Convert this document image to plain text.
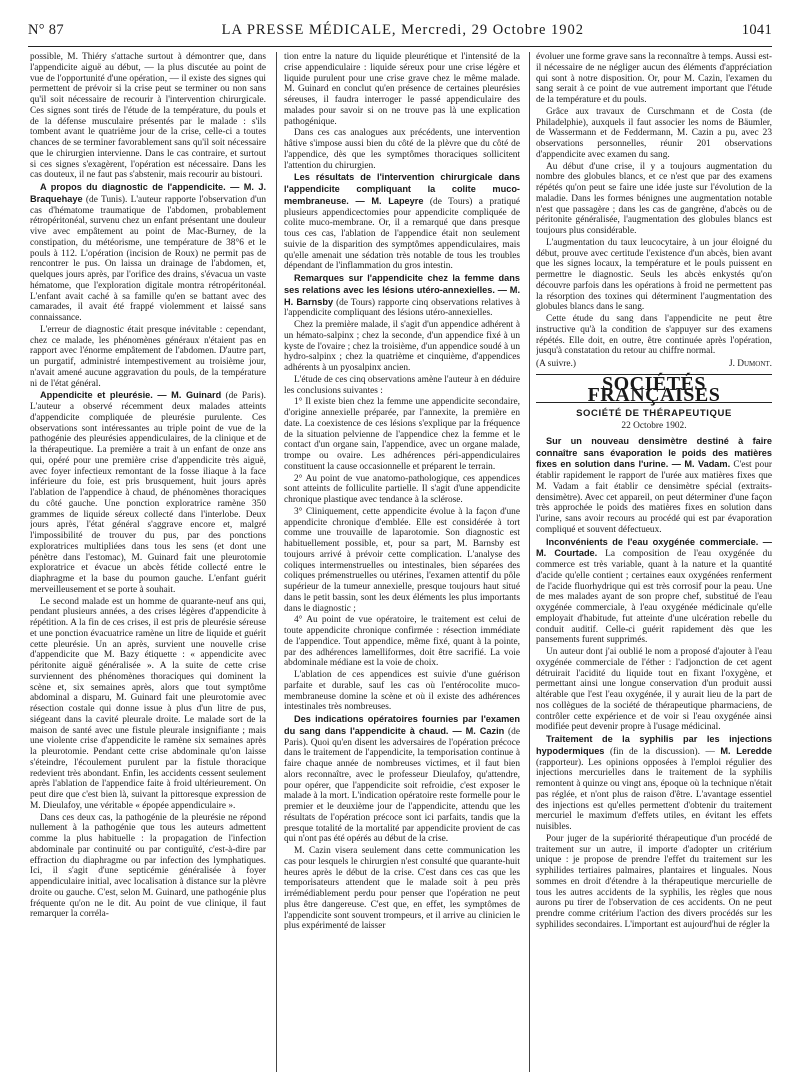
N° 87	LA PRESSE MÉDICALE, Mercredi, 29 Octobre 1902	1041

possible, M. Thiéry s'attache surtout à démontrer que, dans l'appendicite aiguë au début, — la plus discutée au point de vue de l'opportunité d'une opération, — il existe des signes qui permettent de prévoir si la crise peut se terminer ou non sans qu'il soit nécessaire de recourir à l'intervention chirurgicale. Ces signes sont tirés de l'étude de la température, du pouls et de la défense musculaire présentés par le malade : s'ils tombent avant le quatrième jour de la crise, celle-ci a toutes chances de se terminer favorablement sans qu'il soit nécessaire que le chirurgien intervienne. Dans le cas contraire, et surtout si ces signes s'exagèrent, l'opération est nécessaire. Dans les cas douteux, il ne faut pas s'abstenir, mais recourir au bistouri.

A propos du diagnostic de l'appendicite. — M. J. Braquehaye (de Tunis). L'auteur rapporte l'observation d'un cas d'hématome traumatique de l'abdomen, probablement rétropéritonéal, survenu chez un enfant présentant une douleur vive avec empâtement au point de Mac-Burney, de la constipation, du météorisme, une température de 38°6 et le pouls à 112. L'opération (incision de Roux) ne permit pas de rencontrer le pus. On laissa un drainage de l'abdomen, et, quelques jours après, par l'orifice des drains, s'évacua un vaste hématome, que l'exploration digitale montra rétropéritonéal. L'enfant avait caché à sa famille qu'en se battant avec des camarades, il avait été frappé violemment et laissé sans connaissance.

L'erreur de diagnostic était presque inévitable : cependant, chez ce malade, les phénomènes généraux n'étaient pas en rapport avec l'énorme empâtement de l'abdomen. D'autre part, un purgatif, administré intempestivement au troisième jour, n'avait amené aucune aggravation du pouls, de la température ni de l'état général.

Appendicite et pleurésie. — M. Guinard (de Paris). L'auteur a observé récemment deux malades atteints d'appendicite compliquée de pleurésie purulente. Ces observations sont intéressantes au triple point de vue de la pathogénie des pleurésies appendiculaires, de la clinique et de la thérapeutique. La première a trait à un enfant de onze ans qui, opéré pour une première crise d'appendicite très aiguë, avec foyer infectieux remontant de la fosse iliaque à la face inférieure du foie, est pris brusquement, huit jours après l'ablation de l'appendice à chaud, de phénomènes thoraciques du côté gauche. Une ponction exploratrice ramène 350 grammes de liquide séreux collecté dans l'interlobe. Deux jours après, l'état général s'aggrave encore et, malgré l'impossibilité de trouver du pus, par des ponctions exploratrices multipliées dans tous les sens (et dont une pénètre dans l'estomac), M. Guinard fait une pleurotomie exploratrice et évacue un abcès fétide collecté entre le diaphragme et la base du poumon gauche. L'enfant guérit merveilleusement et se porte à souhait.

Le second malade est un homme de quarante-neuf ans qui, pendant plusieurs années, a des crises légères d'appendicite à répétition. A la fin de ces crises, il est pris de pleurésie séreuse et une ponction évacuatrice ramène un litre de liquide et guérit cette pleurésie. Un an après, survient une nouvelle crise d'appendicite que M. Bazy étiquette : « appendicite avec péritonite aiguë généralisée ». A la suite de cette crise surviennent des phénomènes thoraciques qui dominent la scène et, six semaines après, alors que tout symptôme abdominal a disparu, M. Guinard fait une pleurotomie avec résection costale qui donne issue à plus d'un litre de pus, siégeant dans la cavité pleurale droite. Le malade sort de la maison de santé avec une fistule pleurale insignifiante ; mais une violente crise d'appendicite le ramène six semaines après la pleurotomie. Pendant cette crise abdominale qu'on laisse s'éteindre, l'écoulement purulent par la fistule thoracique redevient très abondant. Enfin, les accidents cessent seulement après l'ablation de l'appendice faite à froid ultérieurement. On peut dire que c'est bien là, suivant la pittoresque expression de M. Dieulafoy, une véritable « épopée appendiculaire ».

Dans ces deux cas, la pathogénie de la pleurésie ne répond nullement à la pathogénie que tous les auteurs admettent comme la plus habituelle : la propagation de l'infection abdominale par continuité ou par contiguïté, c'est-à-dire par effraction du diaphragme ou par infection des lymphatiques. Ici, il s'agit d'une septicémie généralisée à foyer appendiculaire initial, avec localisation à distance sur la plèvre droite ou gauche. C'est, selon M. Guinard, une pathogénie plus fréquente qu'on ne le dit. Au point de vue clinique, il faut remarquer la corréla-

tion entre la nature du liquide pleurétique et l'intensité de la crise appendiculaire : liquide séreux pour une crise légère et liquide purulent pour une crise grave chez le même malade. M. Guinard en conclut qu'en présence de certaines pleurésies séreuses, il faudra interroger le passé appendiculaire des malades pour savoir si on ne trouve pas là une explication pathogénique.

Dans ces cas analogues aux précédents, une intervention hâtive s'impose aussi bien du côté de la plèvre que du côté de l'appendice, dès que les symptômes thoraciques sollicitent l'attention du chirurgien.

Les résultats de l'intervention chirurgicale dans l'appendicite compliquant la colite muco-membraneuse. — M. Lapeyre (de Tours) a pratiqué plusieurs appendicectomies pour appendicite compliquée de colite muco-membrane. Or, il a remarqué que dans presque tous ces cas, l'ablation de l'appendice était non seulement suivie de la disparition des symptômes appendiculaires, mais qu'elle amenait une sédation très notable de tous les troubles dépendant de l'inflammation du gros intestin.

Remarques sur l'appendicite chez la femme dans ses relations avec les lésions utéro-annexielles. — M. H. Barnsby (de Tours) rapporte cinq observations relatives à l'appendicite compliquant des lésions utéro-annexielles.

Chez la première malade, il s'agit d'un appendice adhérent à un hémato-salpinx ; chez la seconde, d'un appendice fixé à un kyste de l'ovaire ; chez la troisième, d'un appendice soudé à un hydro-salpinx ; chez la quatrième et cinquième, d'appendices adhérents à un pyosalpinx ancien.

L'étude de ces cinq observations amène l'auteur à en déduire les conclusions suivantes :

1° Il existe bien chez la femme une appendicite secondaire, d'origine annexielle préparée, par l'annexite, la première en date. La coexistence de ces lésions s'explique par la fréquence de la situation pelvienne de l'appendice chez la femme et le contact d'un organe sain, l'appendice, avec un organe malade, trompe ou ovaire. Les adhérences péri-appendiculaires constituent la cause occasionnelle et préparent le terrain.

2° Au point de vue anatomo-pathologique, ces appendices sont atteints de folliculite partielle. Il s'agit d'une appendicite chronique plastique avec tendance à la sclérose.

3° Cliniquement, cette appendicite évolue à la façon d'une appendicite chronique d'emblée. Elle est considérée à tort comme une trouvaille de laparotomie. Son diagnostic est habituellement possible, et, pour sa part, M. Barnsby est toujours arrivé à prévoir cette complication. L'analyse des coliques intermenstruelles ou intestinales, bien séparées des coliques prémenstruelles ou utérines, l'examen attentif du pôle supérieur de la tumeur annexielle, presque toujours haut situé dans le petit bassin, sont les deux éléments les plus importants dans le diagnostic ;

4° Au point de vue opératoire, le traitement est celui de toute appendicite chronique confirmée : résection immédiate de l'appendice. Tout appendice, même fixé, quant à la pointe, par des adhérences lamelliformes, doit être sacrifié. La voie abdominale médiane est la voie de choix.

L'ablation de ces appendices est suivie d'une guérison parfaite et durable, sauf les cas où l'entérocolite muco-membraneuse domine la scène et où il existe des adhérences intestinales très nombreuses.

Des indications opératoires fournies par l'examen du sang dans l'appendicite à chaud. — M. Cazin (de Paris). Quoi qu'en disent les adversaires de l'opération précoce dans le traitement de l'appendicite, la temporisation continue à faire chaque année de nombreuses victimes, et il faut bien alors reconnaître, avec le professeur Dieulafoy, qu'attendre, pour opérer, que l'appendicite soit refroidie, c'est exposer le malade à la mort. L'indication opératoire reste formelle pour le premier et le deuxième jour de l'appendicite, attendu que les résultats de l'opération précoce sont ici parfaits, tandis que la presque totalité de la mortalité par appendicite provient de cas qui n'ont pas été opérés au début de la crise.

M. Cazin visera seulement dans cette communication les cas pour lesquels le chirurgien n'est consulté que quarante-huit heures après le début de la crise. C'est dans ces cas que les temporisateurs attendent que le malade soit à peu près irrémédiablement perdu pour penser que l'opération ne peut plus être dangereuse. C'est que, en effet, les symptômes de l'appendicite sont souvent trompeurs, et il arrive au clinicien le plus expérimenté de laisser

évoluer une forme grave sans la reconnaître à temps. Aussi est-il nécessaire de ne négliger aucun des éléments d'appréciation qui sont à notre disposition. Or, pour M. Cazin, l'examen du sang serait à ce point de vue autrement important que l'étude de la température et du pouls.

Grâce aux travaux de Curschmann et de Costa (de Philadelphie), auxquels il faut associer les noms de Bäumler, de Wassermann et de Feddermann, M. Cazin a pu, avec 23 observations personnelles, réunir 201 observations d'appendicite avec examen du sang.

Au début d'une crise, il y a toujours augmentation du nombre des globules blancs, et ce n'est que par des examens répétés qu'on peut se faire une idée juste sur l'évolution de la maladie. Dans les formes bénignes une augmentation notable n'est que passagère ; dans les cas de gangrène, d'abcès ou de péritonite généralisée, l'augmentation des globules blancs est toujours plus considérable.

L'augmentation du taux leucocytaire, à un jour éloigné du début, prouve avec certitude l'existence d'un abcès, bien avant que les signes locaux, la température et le pouls puissent en permettre le diagnostic. Seuls les abcès enkystés qu'on découvre parfois dans les opérations à froid ne permettent pas la résorption des toxines qui déterminent l'augmentation des globules blancs dans le sang.

Cette étude du sang dans l'appendicite ne peut être instructive qu'à la condition de s'appuyer sur des examens répétés. Elle doit, en outre, être continuée après l'opération, jusqu'à constatation du retour au chiffre normal.

(A suivre.)	J. Dumont.
SOCIÉTÉS FRANÇAISES
SOCIÉTÉ DE THÉRAPEUTIQUE
22 Octobre 1902.

Sur un nouveau densimètre destiné à faire connaître sans évaporation le poids des matières fixes en solution dans l'urine. — M. Vadam. C'est pour établir rapidement le rapport de l'urée aux matières fixes que M. Vadam a fait établir ce densimètre spécial (extraits-densimètre). Avec cet appareil, on peut déterminer d'une façon très approchée le poids des matières fixes en solution dans l'urine, sans avoir recours au procédé qui est par évaporation compliqué et souvent défectueux.

Inconvénients de l'eau oxygénée commerciale. — M. Courtade. La composition de l'eau oxygénée du commerce est très variable, quant à la nature et la quantité d'acide qu'elle contient ; certaines eaux oxygénées renferment de l'acide fluorhydrique qui est très corrosif pour la peau. Une de mes malades ayant de son propre chef, substitué de l'eau oxygénée commerciale, à l'eau oxygénée médicinale qu'elle employait d'habitude, fut atteinte d'une ulcération rebelle du conduit auditif. Celle-ci guérit rapidement dès que les pansements furent supprimés.

Un auteur dont j'ai oublié le nom a proposé d'ajouter à l'eau oxygénée commerciale de l'éther : l'adjonction de cet agent détruirait l'acidité du liquide tout en fixant l'oxygène, et permettant ainsi une longue conservation d'un produit aussi altérable que l'est l'eau oxygénée, il y aurait lieu de la part de nos collègues de la société de thérapeutique pharmaciens, de contrôler cette expérience et de voir si l'eau oxygénée ainsi modifiée peut devenir propre à l'usage médicinal.

Traitement de la syphilis par les injections hypodermiques (fin de la discussion). — M. Leredde (rapporteur). Les opinions opposées à l'emploi régulier des injections mercurielles dans le traitement de la syphilis remontent à quinze ou vingt ans, époque où la technique n'était pas réglée, et n'ont plus de raison d'être. L'avantage essentiel des injections est qu'elles permettent d'obtenir du traitement mercuriel le maximum d'effets utiles, en évitant les effets nuisibles.

Pour juger de la supériorité thérapeutique d'un procédé de traitement sur un autre, il importe d'adopter un critérium unique : je propose de prendre l'effet du traitement sur les syphilides tertiaires palmaires, plantaires et linguales. Nous sommes en droit d'étendre à la thérapeutique mercurielle de tous les autres accidents de la syphilis, les règles que nous aurons pu tirer de l'observation de ces accidents. On ne peut prendre comme critérium l'action des divers procédés sur les syphilides secondaires. L'important est aujourd'hui de régler la
